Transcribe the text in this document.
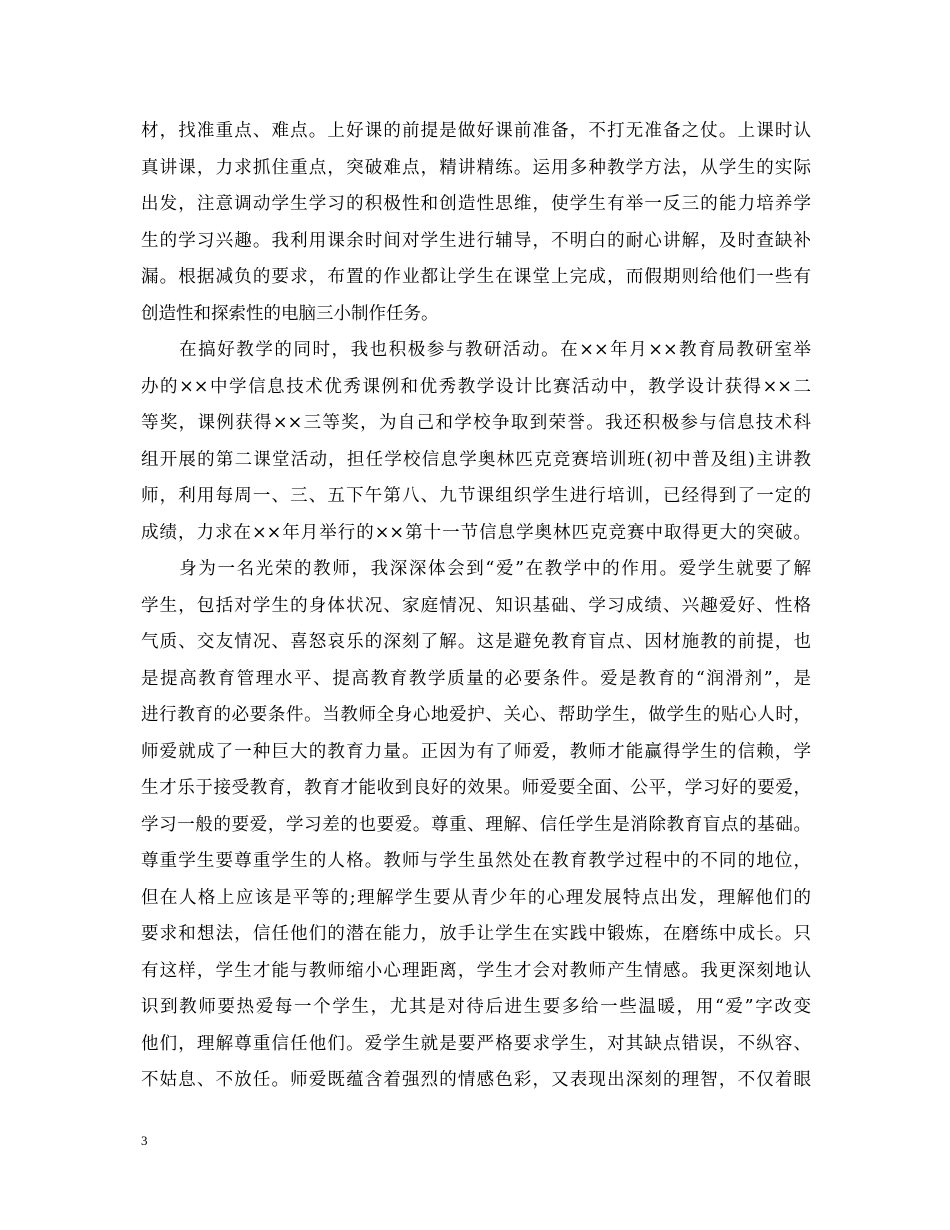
材，找准重点、难点。上好课的前提是做好课前准备，不打无准备之仗。上课时认
真讲课，力求抓住重点，突破难点，精讲精练。运用多种教学方法，从学生的实际
出发，注意调动学生学习的积极性和创造性思维，使学生有举一反三的能力培养学
生的学习兴趣。我利用课余时间对学生进行辅导，不明白的耐心讲解，及时查缺补
漏。根据减负的要求，布置的作业都让学生在课堂上完成，而假期则给他们一些有
创造性和探索性的电脑三小制作任务。
　　在搞好教学的同时，我也积极参与教研活动。在××年月××教育局教研室举
办的××中学信息技术优秀课例和优秀教学设计比赛活动中，教学设计获得××二
等奖，课例获得××三等奖，为自己和学校争取到荣誉。我还积极参与信息技术科
组开展的第二课堂活动，担任学校信息学奥林匹克竞赛培训班(初中普及组)主讲教
师，利用每周一、三、五下午第八、九节课组织学生进行培训，已经得到了一定的
成绩，力求在××年月举行的××第十一节信息学奥林匹克竞赛中取得更大的突破。
　　身为一名光荣的教师，我深深体会到“爱”在教学中的作用。爱学生就要了解
学生，包括对学生的身体状况、家庭情况、知识基础、学习成绩、兴趣爱好、性格
气质、交友情况、喜怒哀乐的深刻了解。这是避免教育盲点、因材施教的前提，也
是提高教育管理水平、提高教育教学质量的必要条件。爱是教育的“润滑剂”，是
进行教育的必要条件。当教师全身心地爱护、关心、帮助学生，做学生的贴心人时，
师爱就成了一种巨大的教育力量。正因为有了师爱，教师才能赢得学生的信赖，学
生才乐于接受教育，教育才能收到良好的效果。师爱要全面、公平，学习好的要爱，
学习一般的要爱，学习差的也要爱。尊重、理解、信任学生是消除教育盲点的基础。
尊重学生要尊重学生的人格。教师与学生虽然处在教育教学过程中的不同的地位，
但在人格上应该是平等的;理解学生要从青少年的心理发展特点出发，理解他们的
要求和想法，信任他们的潜在能力，放手让学生在实践中锻炼，在磨练中成长。只
有这样，学生才能与教师缩小心理距离，学生才会对教师产生情感。我更深刻地认
识到教师要热爱每一个学生，尤其是对待后进生要多给一些温暖，用“爱”字改变
他们，理解尊重信任他们。爱学生就是要严格要求学生，对其缺点错误，不纵容、
不姑息、不放任。师爱既蕴含着强烈的情感色彩，又表现出深刻的理智，不仅着眼
3
